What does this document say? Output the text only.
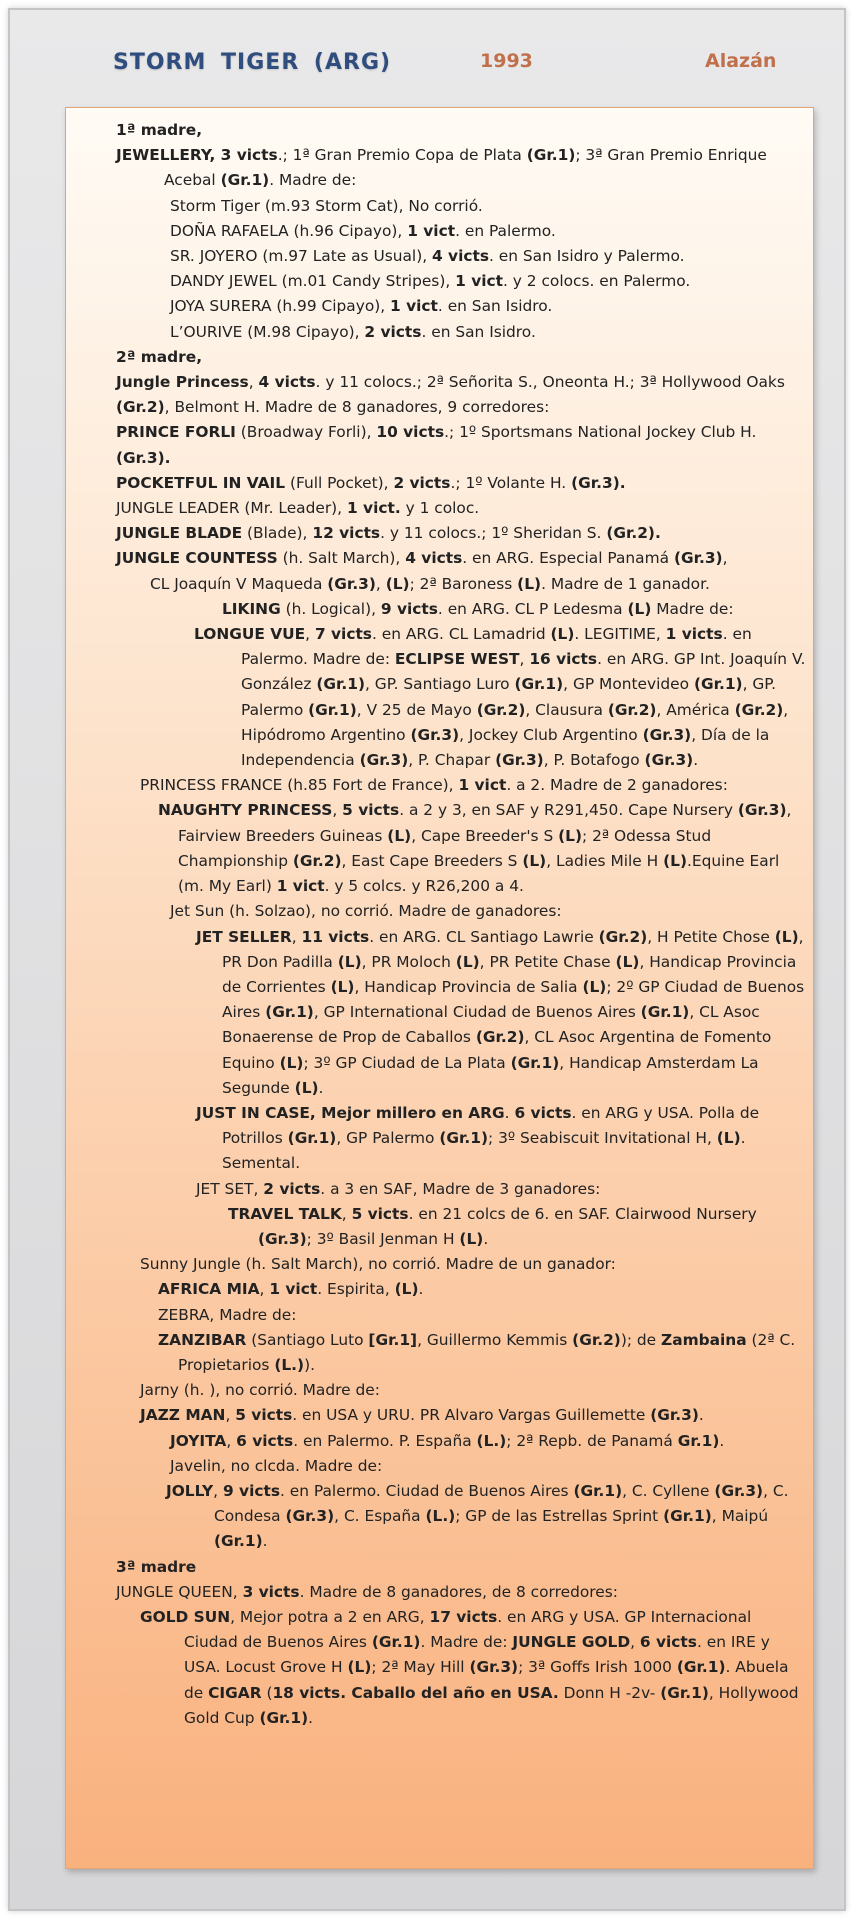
STORM TIGER (ARG)	1993	Alazán

1ª madre,

JEWELLERY, 3 victs.; 1ª Gran Premio Copa de Plata (Gr.1); 3ª Gran Premio Enrique Acebal (Gr.1). Madre de:

Storm Tiger (m.93 Storm Cat), No corrió.

DOÑA RAFAELA (h.96 Cipayo), 1 vict. en Palermo.

SR. JOYERO (m.97 Late as Usual), 4 victs. en San Isidro y Palermo.

DANDY JEWEL (m.01 Candy Stripes), 1 vict. y 2 colocs. en Palermo.

JOYA SURERA (h.99 Cipayo), 1 vict. en San Isidro.

L’OURIVE (M.98 Cipayo), 2 victs. en San Isidro.

2ª madre,

Jungle Princess, 4 victs. y 11 colocs.; 2ª Señorita S., Oneonta H.; 3ª Hollywood Oaks (Gr.2), Belmont H. Madre de 8 ganadores, 9 corredores:

PRINCE FORLI (Broadway Forli), 10 victs.; 1º Sportsmans National Jockey Club H. (Gr.3).

POCKETFUL IN VAIL (Full Pocket), 2 victs.; 1º Volante H. (Gr.3).

JUNGLE LEADER (Mr. Leader), 1 vict. y 1 coloc.

JUNGLE BLADE (Blade), 12 victs. y 11 colocs.; 1º Sheridan S. (Gr.2).

JUNGLE COUNTESS (h. Salt March), 4 victs. en ARG. Especial Panamá (Gr.3),

CL Joaquín V Maqueda (Gr.3), (L); 2ª Baroness (L). Madre de 1 ganador.

LIKING (h. Logical), 9 victs. en ARG. CL P Ledesma (L) Madre de:

LONGUE VUE, 7 victs. en ARG. CL Lamadrid (L). LEGITIME, 1 victs. en Palermo. Madre de: ECLIPSE WEST, 16 victs. en ARG. GP Int. Joaquín V. González (Gr.1), GP. Santiago Luro (Gr.1), GP Montevideo (Gr.1), GP. Palermo (Gr.1), V 25 de Mayo (Gr.2), Clausura (Gr.2), América (Gr.2), Hipódromo Argentino (Gr.3), Jockey Club Argentino (Gr.3), Día de la Independencia (Gr.3), P. Chapar (Gr.3), P. Botafogo (Gr.3).

PRINCESS FRANCE (h.85 Fort de France), 1 vict. a 2. Madre de 2 ganadores:

NAUGHTY PRINCESS, 5 victs. a 2 y 3, en SAF y R291,450. Cape Nursery (Gr.3), Fairview Breeders Guineas (L), Cape Breeder's S (L); 2ª Odessa Stud Championship (Gr.2), East Cape Breeders S (L), Ladies Mile H (L).Equine Earl (m. My Earl) 1 vict. y 5 colcs. y R26,200 a 4.

Jet Sun (h. Solzao), no corrió. Madre de ganadores:

JET SELLER, 11 victs. en ARG. CL Santiago Lawrie (Gr.2), H Petite Chose (L), PR Don Padilla (L), PR Moloch (L), PR Petite Chase (L), Handicap Provincia de Corrientes (L), Handicap Provincia de Salia (L); 2º GP Ciudad de Buenos Aires (Gr.1), GP International Ciudad de Buenos Aires (Gr.1), CL Asoc Bonaerense de Prop de Caballos (Gr.2), CL Asoc Argentina de Fomento Equino (L); 3º GP Ciudad de La Plata (Gr.1), Handicap Amsterdam La Segunde (L).

JUST IN CASE, Mejor millero en ARG. 6 victs. en ARG y USA. Polla de Potrillos (Gr.1), GP Palermo (Gr.1); 3º Seabiscuit Invitational H, (L). Semental.

JET SET, 2 victs. a 3 en SAF, Madre de 3 ganadores:

TRAVEL TALK, 5 victs. en 21 colcs de 6. en SAF. Clairwood Nursery (Gr.3); 3º Basil Jenman H (L).

Sunny Jungle (h. Salt March), no corrió. Madre de un ganador:

AFRICA MIA, 1 vict. Espirita, (L).

ZEBRA, Madre de:

ZANZIBAR (Santiago Luto [Gr.1], Guillermo Kemmis (Gr.2)); de Zambaina (2ª C. Propietarios (L.)).

Jarny (h. ), no corrió. Madre de:

JAZZ MAN, 5 victs. en USA y URU. PR Alvaro Vargas Guillemette (Gr.3).

JOYITA, 6 victs. en Palermo. P. España (L.); 2ª Repb. de Panamá Gr.1).

Javelin, no clcda. Madre de:

JOLLY, 9 victs. en Palermo. Ciudad de Buenos Aires (Gr.1), C. Cyllene (Gr.3), C. Condesa (Gr.3), C. España (L.); GP de las Estrellas Sprint (Gr.1), Maipú (Gr.1).

3ª madre

JUNGLE QUEEN, 3 victs. Madre de 8 ganadores, de 8 corredores:

GOLD SUN, Mejor potra a 2 en ARG, 17 victs. en ARG y USA. GP Internacional Ciudad de Buenos Aires (Gr.1). Madre de: JUNGLE GOLD, 6 victs. en IRE y USA. Locust Grove H (L); 2ª May Hill (Gr.3); 3ª Goffs Irish 1000 (Gr.1). Abuela de CIGAR (18 victs. Caballo del año en USA. Donn H -2v- (Gr.1), Hollywood Gold Cup (Gr.1).
